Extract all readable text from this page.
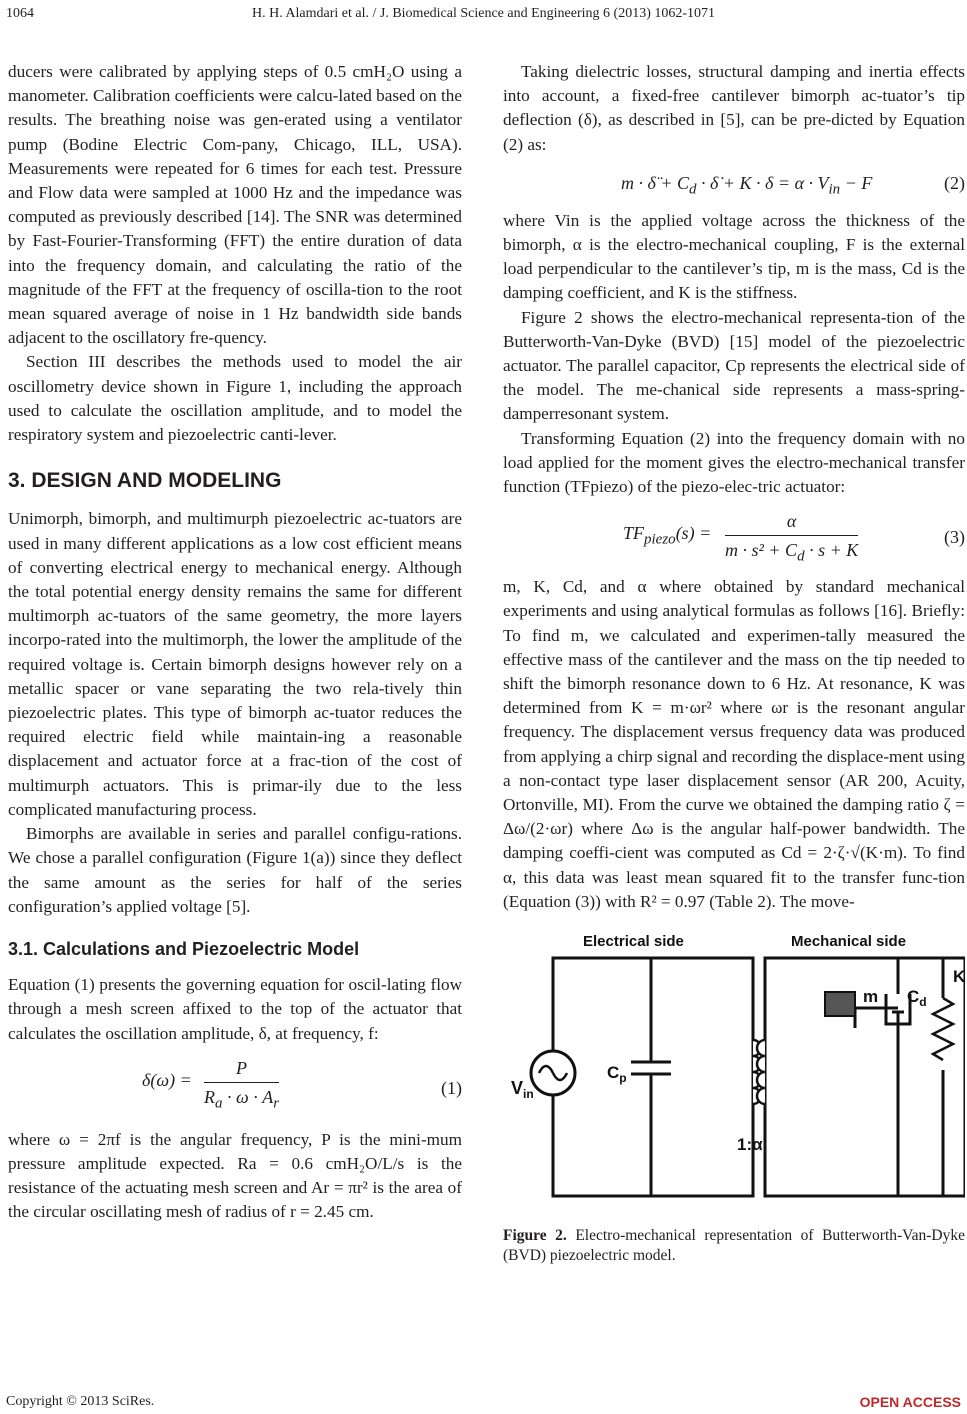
1064	H. H. Alamdari et al. / J. Biomedical Science and Engineering 6 (2013) 1062-1071

ducers were calibrated by applying steps of 0.5 cmH₂O using a manometer. Calibration coefficients were calcu-lated based on the results. The breathing noise was gen-erated using a ventilator pump (Bodine Electric Com-pany, Chicago, ILL, USA). Measurements were repeated for 6 times for each test. Pressure and Flow data were sampled at 1000 Hz and the impedance was computed as previously described [14]. The SNR was determined by Fast-Fourier-Transforming (FFT) the entire duration of data into the frequency domain, and calculating the ratio of the magnitude of the FFT at the frequency of oscilla-tion to the root mean squared average of noise in 1 Hz bandwidth side bands adjacent to the oscillatory fre-quency.

Section III describes the methods used to model the air oscillometry device shown in Figure 1, including the approach used to calculate the oscillation amplitude, and to model the respiratory system and piezoelectric canti-lever.

3. DESIGN AND MODELING

Unimorph, bimorph, and multimurph piezoelectric ac-tuators are used in many different applications as a low cost efficient means of converting electrical energy to mechanical energy. Although the total potential energy density remains the same for different multimorph ac-tuators of the same geometry, the more layers incorpo-rated into the multimorph, the lower the amplitude of the required voltage is. Certain bimorph designs however rely on a metallic spacer or vane separating the two rela-tively thin piezoelectric plates. This type of bimorph ac-tuator reduces the required electric field while maintain-ing a reasonable displacement and actuator force at a frac-tion of the cost of multimurph actuators. This is primar-ily due to the less complicated manufacturing process.

Bimorphs are available in series and parallel configu-rations. We chose a parallel configuration (Figure 1(a)) since they deflect the same amount as the series for half of the series configuration’s applied voltage [5].

3.1. Calculations and Piezoelectric Model

Equation (1) presents the governing equation for oscil-lating flow through a mesh screen affixed to the top of the actuator that calculates the oscillation amplitude, δ, at frequency, f:

$\delta(\omega) = \frac{P}{R_a \cdot \omega \cdot A_r}$	(1)

where ω = 2πf is the angular frequency, P is the mini-mum pressure amplitude expected. Ra = 0.6 cmH₂O/L/s is the resistance of the actuating mesh screen and Ar = πr² is the area of the circular oscillating mesh of radius of r = 2.45 cm.

Taking dielectric losses, structural damping and inertia effects into account, a fixed-free cantilever bimorph ac-tuator’s tip deflection (δ), as described in [5], can be pre-dicted by Equation (2) as:

m · δ̈ + $C_d$ · δ̇ + $K \cdot \delta = \alpha \cdot V_{in} - F$	(2)

where Vin is the applied voltage across the thickness of the bimorph, α is the electro-mechanical coupling, F is the external load perpendicular to the cantilever’s tip, m is the mass, Cd is the damping coefficient, and K is the stiffness.

Figure 2 shows the electro-mechanical representa-tion of the Butterworth-Van-Dyke (BVD) [15] model of the piezoelectric actuator. The parallel capacitor, Cp represents the electrical side of the model. The me-chanical side represents a mass-spring-damperresonant system.

Transforming Equation (2) into the frequency domain with no load applied for the moment gives the electro-mechanical transfer function (TFpiezo) of the piezo-elec-tric actuator:

$TF_{piezo}(s) = \frac{\alpha}{m \cdot s^2 + C_d \cdot s + K}$	(3)

m, K, Cd, and α where obtained by standard mechanical experiments and using analytical formulas as follows [16]. Briefly: To find m, we calculated and experimen-tally measured the effective mass of the cantilever and the mass on the tip needed to shift the bimorph resonance down to 6 Hz. At resonance, K was determined from K = m·ωr² where ωr is the resonant angular frequency. The displacement versus frequency data was produced from applying a chirp signal and recording the displace-ment using a non-contact type laser displacement sensor (AR 200, Acuity, Ortonville, MI). From the curve we obtained the damping ratio ζ = Δω/(2·ωr) where Δω is the angular half-power bandwidth. The damping coeffi-cient was computed as Cd = 2·ζ·√(K·m). To find α, this data was least mean squared fit to the transfer func-tion (Equation (3)) with R² = 0.97 (Table 2). The move-

Electrical side	Mechanical side
$V_{in}$
$C_p$
1:α
m $C_d$
K

Figure 2. Electro-mechanical representation of Butterworth-Van-Dyke (BVD) piezoelectric model.

Copyright © 2013 SciRes.	OPEN ACCESS
